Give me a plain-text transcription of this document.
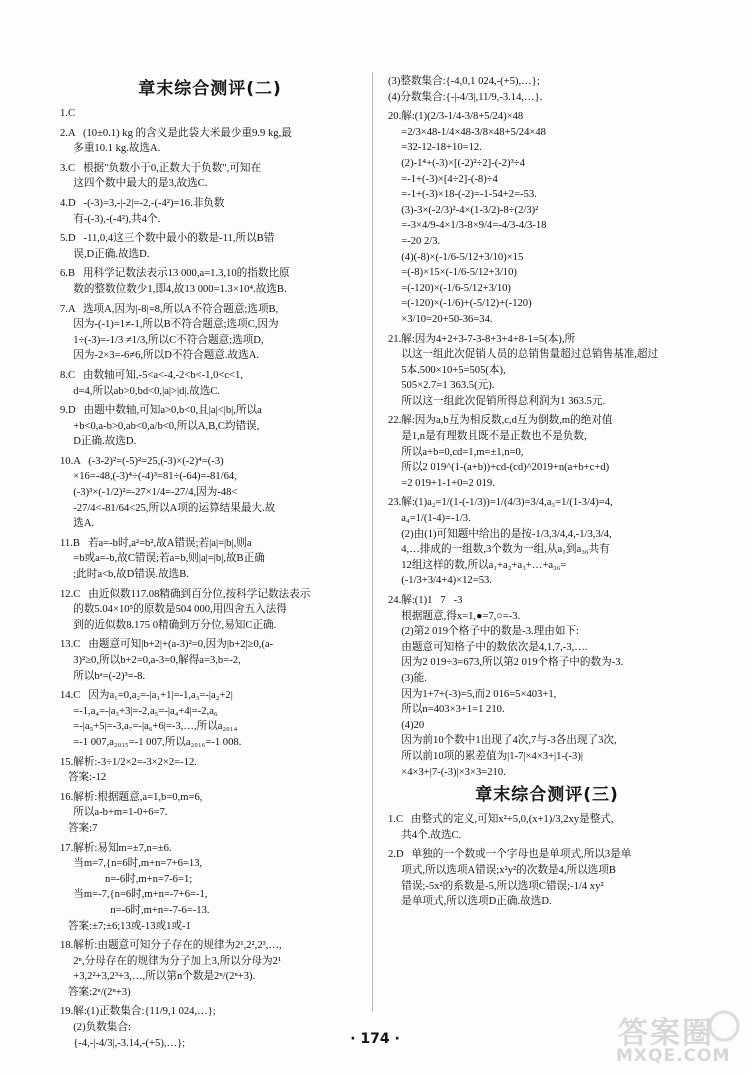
章末综合测评(二)
1.C
2.A   (10±0.1) kg 的含义是此袋大米最少重9.9 kg,最
多重10.1 kg.故选A.
3.C   根据"负数小于0,正数大于负数",可知在
这四个数中最大的是3,故选C.
4.D   -(-3)=3,-|-2|=-2,-(-4²)=16.非负数
有-(-3),-(-4²),共4个.
5.D   -11,0,4这三个数中最小的数是-11,所以B错
误,D正确.故选D.
6.B   用科学记数法表示13 000,a=1.3,10的指数比原
数的整数位数少1,即4,故13 000=1.3×10⁴.故选B.
7.A   选项A,因为|-8|=8,所以A不符合题意;选项B,
因为-(-1)=1≠-1,所以B不符合题意;选项C,因为
1÷(-3)=-1/3 ≠1/3,所以C不符合题意;选项D,
因为-2×3=-6≠6,所以D不符合题意.故选A.
8.C   由数轴可知,-5<a<-4,-2<b<-1,0<c<1,
d=4,所以ab>0,bd<0,|a|>|d|.故选C.
9.D   由题中数轴,可知a>0,b<0,且|a|<|b|,所以a
+b<0,a-b>0,ab<0,a/b<0,所以A,B,C均错误,
D正确.故选D.
10.A   (-3-2)²=(-5)²=25,(-3)×(-2)⁴=(-3)
×16=-48,(-3)⁴÷(-4)³=81÷(-64)=-81/64,
(-3)³×(-1/2)²=-27×1/4=-27/4,因为-48<
-27/4<-81/64<25,所以A项的运算结果最大.故
选A.
11.B   若a=-b时,a²=b²,故A错误;若|a|=|b|,则a
=b或a=-b,故C错误;若a=b,则|a|=|b|,故B正确
;此时a<b,故D错误.故选B.
12.C   由近似数117.08精确到百分位,按科学记数法表示
的数5.04×10⁵的原数是504 000,用四舍五入法得
到的近似数8.175 0精确到万分位,易知C正确.
13.C   由题意可知|b+2|+(a-3)²=0,因为|b+2|≥0,(a-
3)²≥0,所以b+2=0,a-3=0,解得a=3,b=-2,
所以bᵃ=(-2)³=-8.
14.C   因为a₁=0,a₂=-|a₁+1|=-1,a₃=-|a₂+2|
=-1,a₄=-|a₃+3|=-2,a₅=-|a₄+4|=-2,a₆
=-|a₅+5|=-3,a₇=-|a₆+6|=-3,…,所以a₂₀₁₄
=-1 007,a₂₀₁₅=-1 007,所以a₂₀₁₆=-1 008.
15.解析:-3÷1/2×2=-3×2×2=-12.
答案:-12
16.解析:根据题意,a=1,b=0,m=6,
所以a-b+m=1-0+6=7.
答案:7
17.解析:易知m=±7,n=±6.
当m=7,{n=6时,m+n=7+6=13,
n=-6时,m+n=7-6=1;
当m=-7,{n=6时,m+n=-7+6=-1,
n=-6时,m+n=-7-6=-13.
答案:±7;±6;13或-13或1或-1
18.解析:由题意可知分子存在的规律为2¹,2²,2³,…,
2ⁿ,分母存在的规律为分子加上3,所以分母为2¹
+3,2²+3,2³+3,…,所以第n个数是2ⁿ/(2ⁿ+3).
答案:2ⁿ/(2ⁿ+3)
19.解:(1)正数集合:{11/9,1 024,…};
(2)负数集合:
{-4,-|-4/3|,-3.14,-(+5),…};
(3)整数集合:{-4,0,1 024,-(+5),…};
(4)分数集合:{-|-4/3|,11/9,-3.14,…}.
20.解:(1)(2/3-1/4-3/8+5/24)×48
=2/3×48-1/4×48-3/8×48+5/24×48
=32-12-18+10=12.
(2)-1⁴+(-3)×[(-2)²÷2]-(-2)³÷4
=-1+(-3)×[4÷2]-(-8)÷4
=-1+(-3)×18-(-2)=-1-54+2=-53.
(3)-3×(-2/3)²-4×(1-3/2)-8÷(2/3)²
=-3×4/9-4×1/3-8×9/4=-4/3-4/3-18
=-20 2/3.
(4)(-8)×(-1/6-5/12+3/10)×15
=(-8)×15×(-1/6-5/12+3/10)
=(-120)×(-1/6-5/12+3/10)
=(-120)×(-1/6)+(-5/12)+(-120)
×3/10=20+50-36=34.
21.解:因为4+2+3-7-3-8+3+4+8-1=5(本),所
以这一组此次促销人员的总销售量超过总销售基准,超过
5本.500×10+5=505(本),
505×2.7=1 363.5(元).
所以这一组此次促销所得总利润为1 363.5元.
22.解:因为a,b互为相反数,c,d互为倒数,m的绝对值
是1,n是有理数且既不是正数也不是负数,
所以a+b=0,cd=1,m=±1,n=0,
所以2 019^(1-(a+b))+cd-(cd)^2019+n(a+b+c+d)
=2 019+1-1+0=2 019.
23.解:(1)a₂=1/(1-(-1/3))=1/(4/3)=3/4,a₃=1/(1-3/4)=4,
a₄=1/(1-4)=-1/3.
(2)由(1)可知题中给出的是按-1/3,3/4,4,-1/3,3/4,
4,…排成的一组数,3个数为一组,从a₁到a₃₆共有
12组这样的数,所以a₁+a₂+a₃+…+a₃₆=
(-1/3+3/4+4)×12=53.
24.解:(1)1   7   -3
根据题意,得x=1,●=7,○=-3.
(2)第2 019个格子中的数是-3.理由如下:
由题意可知格子中的数依次是4,1,7,-3,….
因为2 019÷3=673,所以第2 019个格子中的数为-3.
(3)能.
因为1+7+(-3)=5,而2 016=5×403+1,
所以n=403×3+1=1 210.
(4)20
因为前10个数中1出现了4次,7与-3各出现了3次,
所以前10项的累差值为|1-7|×4×3+|1-(-3)|
×4×3+|7-(-3)|×3×3=210.
章末综合测评(三)
1.C   由整式的定义,可知x²+5,0,(x+1)/3,2xy是整式,
共4个.故选C.
2.D   单独的一个数或一个字母也是单项式,所以3是单
项式,所以选项A错误;x²y²的次数是4,所以选项B
错误;-5x²的系数是-5,所以选项C错误;-1/4 xy²
是单项式,所以选项D正确.故选D.
· 174 ·	答案圈
MXQE.COM
